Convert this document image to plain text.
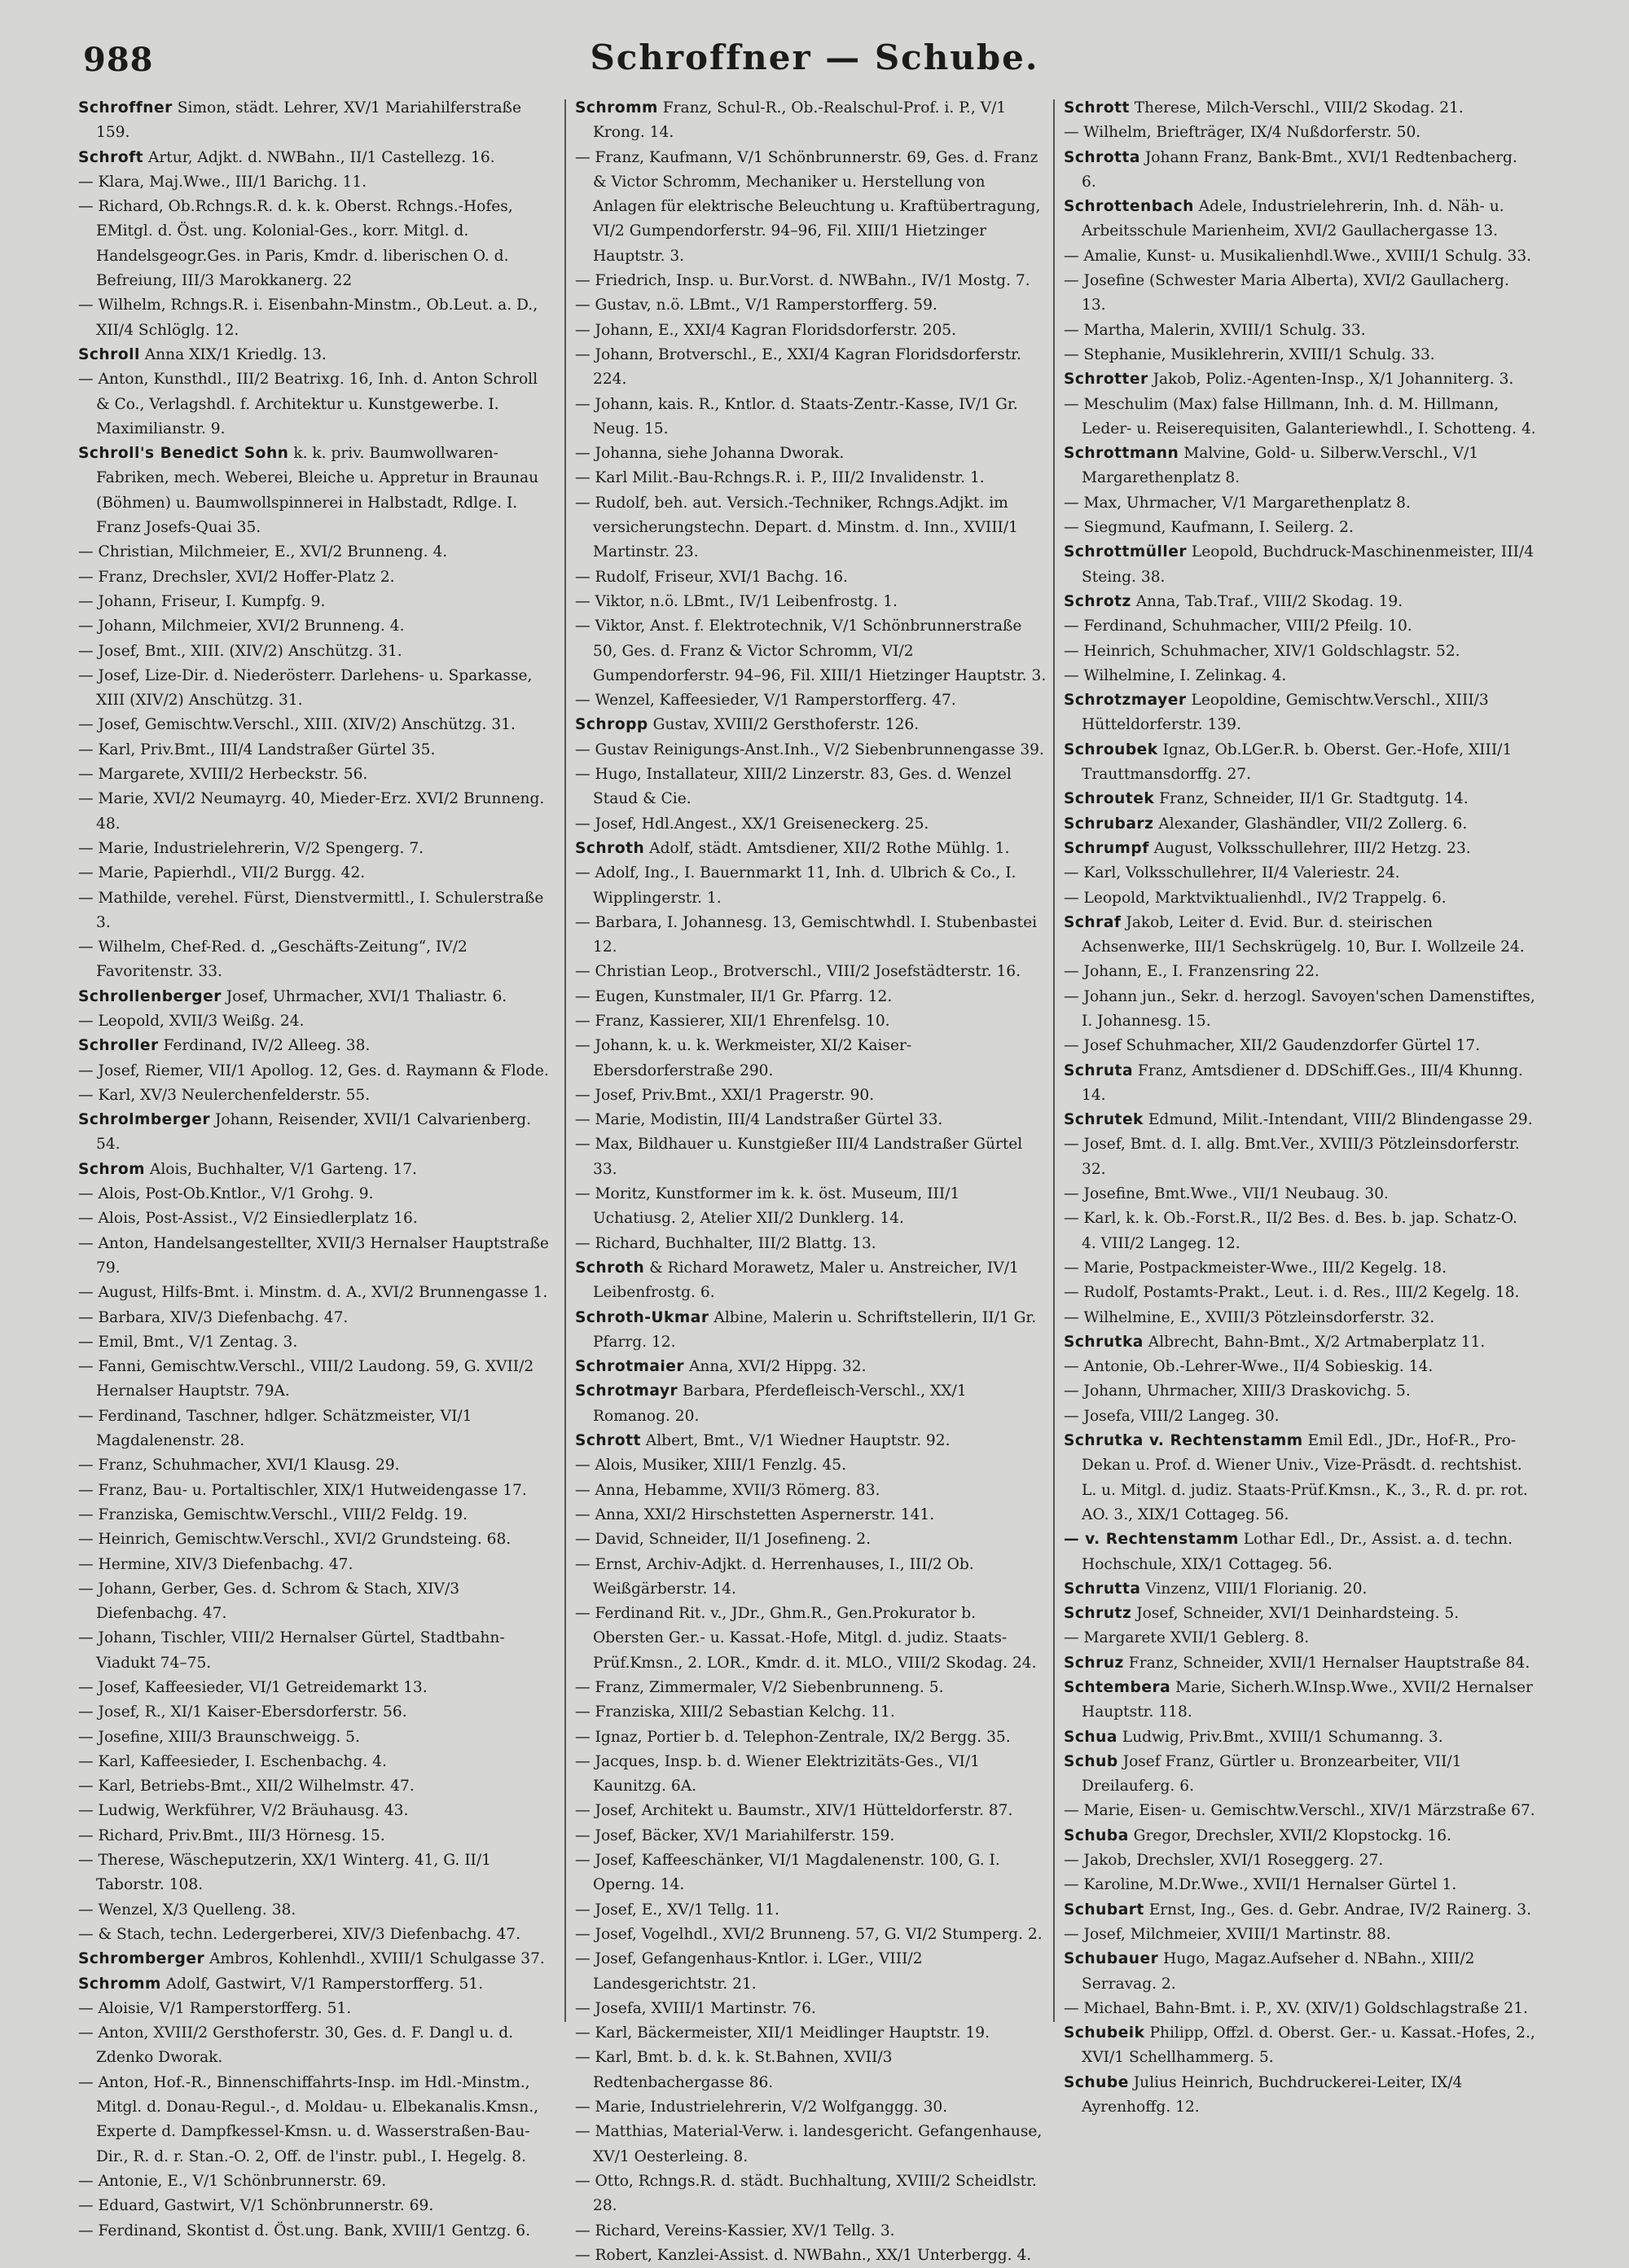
988	Schroffner — Schube.
Schroffner Simon, städt. Lehrer, XV/1 Mariahilferstraße 159.
Schroft Artur, Adjkt. d. NWBahn., II/1 Castellezg. 16.
— Klara, Maj.Wwe., III/1 Barichg. 11.
— Richard, Ob.Rchngs.R. d. k. k. Oberst. Rchngs.-Hofes, EMitgl. d. Öst. ung. Kolonial-Ges., korr. Mitgl. d. Handelsgeogr.Ges. in Paris, Kmdr. d. liberischen O. d. Befreiung, III/3 Marokkanerg. 22
— Wilhelm, Rchngs.R. i. Eisenbahn-Minstm., Ob.Leut. a. D., XII/4 Schlöglg. 12.
Schroll Anna XIX/1 Kriedlg. 13.
— Anton, Kunsthdl., III/2 Beatrixg. 16, Inh. d. Anton Schroll & Co., Verlagshdl. f. Architektur u. Kunstgewerbe. I. Maximilianstr. 9.
Schroll's Benedict Sohn k. k. priv. Baumwollwaren-Fabriken, mech. Weberei, Bleiche u. Appretur in Braunau (Böhmen) u. Baumwollspinnerei in Halbstadt, Rdlge. I. Franz Josefs-Quai 35.
— Christian, Milchmeier, E., XVI/2 Brunneng. 4.
— Franz, Drechsler, XVI/2 Hoffer-Platz 2.
— Johann, Friseur, I. Kumpfg. 9.
— Johann, Milchmeier, XVI/2 Brunneng. 4.
— Josef, Bmt., XIII. (XIV/2) Anschützg. 31.
— Josef, Lize-Dir. d. Niederösterr. Darlehens- u. Sparkasse, XIII (XIV/2) Anschützg. 31.
— Josef, Gemischtw.Verschl., XIII. (XIV/2) Anschützg. 31.
— Karl, Priv.Bmt., III/4 Landstraßer Gürtel 35.
— Margarete, XVIII/2 Herbeckstr. 56.
— Marie, XVI/2 Neumayrg. 40, Mieder-Erz. XVI/2 Brunneng. 48.
— Marie, Industrielehrerin, V/2 Spengerg. 7.
— Marie, Papierhdl., VII/2 Burgg. 42.
— Mathilde, verehel. Fürst, Dienstvermittl., I. Schulerstraße 3.
— Wilhelm, Chef-Red. d. „Geschäfts-Zeitung“, IV/2 Favoritenstr. 33.
Schrollenberger Josef, Uhrmacher, XVI/1 Thaliastr. 6.
— Leopold, XVII/3 Weißg. 24.
Schroller Ferdinand, IV/2 Alleeg. 38.
— Josef, Riemer, VII/1 Apollog. 12, Ges. d. Raymann & Flode.
— Karl, XV/3 Neulerchenfelderstr. 55.
Schrolmberger Johann, Reisender, XVII/1 Calvarienberg. 54.
Schrom Alois, Buchhalter, V/1 Garteng. 17.
— Alois, Post-Ob.Kntlor., V/1 Grohg. 9.
— Alois, Post-Assist., V/2 Einsiedlerplatz 16.
— Anton, Handelsangestellter, XVII/3 Hernalser Hauptstraße 79.
— August, Hilfs-Bmt. i. Minstm. d. A., XVI/2 Brunnengasse 1.
— Barbara, XIV/3 Diefenbachg. 47.
— Emil, Bmt., V/1 Zentag. 3.
— Fanni, Gemischtw.Verschl., VIII/2 Laudong. 59, G. XVII/2 Hernalser Hauptstr. 79A.
— Ferdinand, Taschner, hdlger. Schätzmeister, VI/1 Magdalenenstr. 28.
— Franz, Schuhmacher, XVI/1 Klausg. 29.
— Franz, Bau- u. Portaltischler, XIX/1 Hutweidengasse 17.
— Franziska, Gemischtw.Verschl., VIII/2 Feldg. 19.
— Heinrich, Gemischtw.Verschl., XVI/2 Grundsteing. 68.
— Hermine, XIV/3 Diefenbachg. 47.
— Johann, Gerber, Ges. d. Schrom & Stach, XIV/3 Diefenbachg. 47.
— Johann, Tischler, VIII/2 Hernalser Gürtel, Stadtbahn-Viadukt 74–75.
— Josef, Kaffeesieder, VI/1 Getreidemarkt 13.
— Josef, R., XI/1 Kaiser-Ebersdorferstr. 56.
— Josefine, XIII/3 Braunschweigg. 5.
— Karl, Kaffeesieder, I. Eschenbachg. 4.
— Karl, Betriebs-Bmt., XII/2 Wilhelmstr. 47.
— Ludwig, Werkführer, V/2 Bräuhausg. 43.
— Richard, Priv.Bmt., III/3 Hörnesg. 15.
— Therese, Wäscheputzerin, XX/1 Winterg. 41, G. II/1 Taborstr. 108.
— Wenzel, X/3 Quelleng. 38.
— & Stach, techn. Ledergerberei, XIV/3 Diefenbachg. 47.
Schromberger Ambros, Kohlenhdl., XVIII/1 Schulgasse 37.
Schromm Adolf, Gastwirt, V/1 Ramperstorfferg. 51.
— Aloisie, V/1 Ramperstorfferg. 51.
— Anton, XVIII/2 Gersthoferstr. 30, Ges. d. F. Dangl u. d. Zdenko Dworak.
— Anton, Hof.-R., Binnenschiffahrts-Insp. im Hdl.-Minstm., Mitgl. d. Donau-Regul.-, d. Moldau- u. Elbekanalis.Kmsn., Experte d. Dampfkessel-Kmsn. u. d. Wasserstraßen-Bau-Dir., R. d. r. Stan.-O. 2, Off. de l'instr. publ., I. Hegelg. 8.
— Antonie, E., V/1 Schönbrunnerstr. 69.
— Eduard, Gastwirt, V/1 Schönbrunnerstr. 69.
— Ferdinand, Skontist d. Öst.ung. Bank, XVIII/1 Gentzg. 6.
Schromm Franz, Schul-R., Ob.-Realschul-Prof. i. P., V/1 Krong. 14.
— Franz, Kaufmann, V/1 Schönbrunnerstr. 69, Ges. d. Franz & Victor Schromm, Mechaniker u. Herstellung von Anlagen für elektrische Beleuchtung u. Kraftübertragung, VI/2 Gumpendorferstr. 94–96, Fil. XIII/1 Hietzinger Hauptstr. 3.
— Friedrich, Insp. u. Bur.Vorst. d. NWBahn., IV/1 Mostg. 7.
— Gustav, n.ö. LBmt., V/1 Ramperstorfferg. 59.
— Johann, E., XXI/4 Kagran Floridsdorferstr. 205.
— Johann, Brotverschl., E., XXI/4 Kagran Floridsdorferstr. 224.
— Johann, kais. R., Kntlor. d. Staats-Zentr.-Kasse, IV/1 Gr. Neug. 15.
— Johanna, siehe Johanna Dworak.
— Karl Milit.-Bau-Rchngs.R. i. P., III/2 Invalidenstr. 1.
— Rudolf, beh. aut. Versich.-Techniker, Rchngs.Adjkt. im versicherungstechn. Depart. d. Minstm. d. Inn., XVIII/1 Martinstr. 23.
— Rudolf, Friseur, XVI/1 Bachg. 16.
— Viktor, n.ö. LBmt., IV/1 Leibenfrostg. 1.
— Viktor, Anst. f. Elektrotechnik, V/1 Schönbrunnerstraße 50, Ges. d. Franz & Victor Schromm, VI/2 Gumpendorferstr. 94–96, Fil. XIII/1 Hietzinger Hauptstr. 3.
— Wenzel, Kaffeesieder, V/1 Ramperstorfferg. 47.
Schropp Gustav, XVIII/2 Gersthoferstr. 126.
— Gustav Reinigungs-Anst.Inh., V/2 Siebenbrunnengasse 39.
— Hugo, Installateur, XIII/2 Linzerstr. 83, Ges. d. Wenzel Staud & Cie.
— Josef, Hdl.Angest., XX/1 Greiseneckerg. 25.
Schroth Adolf, städt. Amtsdiener, XII/2 Rothe Mühlg. 1.
— Adolf, Ing., I. Bauernmarkt 11, Inh. d. Ulbrich & Co., I. Wipplingerstr. 1.
— Barbara, I. Johannesg. 13, Gemischtwhdl. I. Stubenbastei 12.
— Christian Leop., Brotverschl., VIII/2 Josefstädterstr. 16.
— Eugen, Kunstmaler, II/1 Gr. Pfarrg. 12.
— Franz, Kassierer, XII/1 Ehrenfelsg. 10.
— Johann, k. u. k. Werkmeister, XI/2 Kaiser-Ebersdorferstraße 290.
— Josef, Priv.Bmt., XXI/1 Pragerstr. 90.
— Marie, Modistin, III/4 Landstraßer Gürtel 33.
— Max, Bildhauer u. Kunstgießer III/4 Landstraßer Gürtel 33.
— Moritz, Kunstformer im k. k. öst. Museum, III/1 Uchatiusg. 2, Atelier XII/2 Dunklerg. 14.
— Richard, Buchhalter, III/2 Blattg. 13.
Schroth & Richard Morawetz, Maler u. Anstreicher, IV/1 Leibenfrostg. 6.
Schroth-Ukmar Albine, Malerin u. Schriftstellerin, II/1 Gr. Pfarrg. 12.
Schrotmaier Anna, XVI/2 Hippg. 32.
Schrotmayr Barbara, Pferdefleisch-Verschl., XX/1 Romanog. 20.
Schrott Albert, Bmt., V/1 Wiedner Hauptstr. 92.
— Alois, Musiker, XIII/1 Fenzlg. 45.
— Anna, Hebamme, XVII/3 Römerg. 83.
— Anna, XXI/2 Hirschstetten Aspernerstr. 141.
— David, Schneider, II/1 Josefineng. 2.
— Ernst, Archiv-Adjkt. d. Herrenhauses, I., III/2 Ob. Weißgärberstr. 14.
— Ferdinand Rit. v., JDr., Ghm.R., Gen.Prokurator b. Obersten Ger.- u. Kassat.-Hofe, Mitgl. d. judiz. Staats-Prüf.Kmsn., 2. LOR., Kmdr. d. it. MLO., VIII/2 Skodag. 24.
— Franz, Zimmermaler, V/2 Siebenbrunneng. 5.
— Franziska, XIII/2 Sebastian Kelchg. 11.
— Ignaz, Portier b. d. Telephon-Zentrale, IX/2 Bergg. 35.
— Jacques, Insp. b. d. Wiener Elektrizitäts-Ges., VI/1 Kaunitzg. 6A.
— Josef, Architekt u. Baumstr., XIV/1 Hütteldorferstr. 87.
— Josef, Bäcker, XV/1 Mariahilferstr. 159.
— Josef, Kaffeeschänker, VI/1 Magdalenenstr. 100, G. I. Operng. 14.
— Josef, E., XV/1 Tellg. 11.
— Josef, Vogelhdl., XVI/2 Brunneng. 57, G. VI/2 Stumperg. 2.
— Josef, Gefangenhaus-Kntlor. i. LGer., VIII/2 Landesgerichtstr. 21.
— Josefa, XVIII/1 Martinstr. 76.
— Karl, Bäckermeister, XII/1 Meidlinger Hauptstr. 19.
— Karl, Bmt. b. d. k. k. St.Bahnen, XVII/3 Redtenbachergasse 86.
— Marie, Industrielehrerin, V/2 Wolfganggg. 30.
— Matthias, Material-Verw. i. landesgericht. Gefangenhause, XV/1 Oesterleing. 8.
— Otto, Rchngs.R. d. städt. Buchhaltung, XVIII/2 Scheidlstr. 28.
— Richard, Vereins-Kassier, XV/1 Tellg. 3.
— Robert, Kanzlei-Assist. d. NWBahn., XX/1 Unterbergg. 4.
Schrott Therese, Milch-Verschl., VIII/2 Skodag. 21.
— Wilhelm, Briefträger, IX/4 Nußdorferstr. 50.
Schrotta Johann Franz, Bank-Bmt., XVI/1 Redtenbacherg. 6.
Schrottenbach Adele, Industrielehrerin, Inh. d. Näh- u. Arbeitsschule Marienheim, XVI/2 Gaullachergasse 13.
— Amalie, Kunst- u. Musikalienhdl.Wwe., XVIII/1 Schulg. 33.
— Josefine (Schwester Maria Alberta), XVI/2 Gaullacherg. 13.
— Martha, Malerin, XVIII/1 Schulg. 33.
— Stephanie, Musiklehrerin, XVIII/1 Schulg. 33.
Schrotter Jakob, Poliz.-Agenten-Insp., X/1 Johanniterg. 3.
— Meschulim (Max) false Hillmann, Inh. d. M. Hillmann, Leder- u. Reiserequisiten, Galanteriewhdl., I. Schotteng. 4.
Schrottmann Malvine, Gold- u. Silberw.Verschl., V/1 Margarethenplatz 8.
— Max, Uhrmacher, V/1 Margarethenplatz 8.
— Siegmund, Kaufmann, I. Seilerg. 2.
Schrottmüller Leopold, Buchdruck-Maschinenmeister, III/4 Steing. 38.
Schrotz Anna, Tab.Traf., VIII/2 Skodag. 19.
— Ferdinand, Schuhmacher, VIII/2 Pfeilg. 10.
— Heinrich, Schuhmacher, XIV/1 Goldschlagstr. 52.
— Wilhelmine, I. Zelinkag. 4.
Schrotzmayer Leopoldine, Gemischtw.Verschl., XIII/3 Hütteldorferstr. 139.
Schroubek Ignaz, Ob.LGer.R. b. Oberst. Ger.-Hofe, XIII/1 Trauttmansdorffg. 27.
Schroutek Franz, Schneider, II/1 Gr. Stadtgutg. 14.
Schrubarz Alexander, Glashändler, VII/2 Zollerg. 6.
Schrumpf August, Volksschullehrer, III/2 Hetzg. 23.
— Karl, Volksschullehrer, II/4 Valeriestr. 24.
— Leopold, Marktviktualienhdl., IV/2 Trappelg. 6.
Schraf Jakob, Leiter d. Evid. Bur. d. steirischen Achsenwerke, III/1 Sechskrügelg. 10, Bur. I. Wollzeile 24.
— Johann, E., I. Franzensring 22.
— Johann jun., Sekr. d. herzogl. Savoyen'schen Damenstiftes, I. Johannesg. 15.
— Josef Schuhmacher, XII/2 Gaudenzdorfer Gürtel 17.
Schruta Franz, Amtsdiener d. DDSchiff.Ges., III/4 Khunng. 14.
Schrutek Edmund, Milit.-Intendant, VIII/2 Blindengasse 29.
— Josef, Bmt. d. I. allg. Bmt.Ver., XVIII/3 Pötzleinsdorferstr. 32.
— Josefine, Bmt.Wwe., VII/1 Neubaug. 30.
— Karl, k. k. Ob.-Forst.R., II/2 Bes. d. Bes. b. jap. Schatz-O. 4. VIII/2 Langeg. 12.
— Marie, Postpackmeister-Wwe., III/2 Kegelg. 18.
— Rudolf, Postamts-Prakt., Leut. i. d. Res., III/2 Kegelg. 18.
— Wilhelmine, E., XVIII/3 Pötzleinsdorferstr. 32.
Schrutka Albrecht, Bahn-Bmt., X/2 Artmaberplatz 11.
— Antonie, Ob.-Lehrer-Wwe., II/4 Sobieskig. 14.
— Johann, Uhrmacher, XIII/3 Draskovichg. 5.
— Josefa, VIII/2 Langeg. 30.
Schrutka v. Rechtenstamm Emil Edl., JDr., Hof-R., Pro-Dekan u. Prof. d. Wiener Univ., Vize-Präsdt. d. rechtshist. L. u. Mitgl. d. judiz. Staats-Prüf.Kmsn., K., 3., R. d. pr. rot. AO. 3., XIX/1 Cottageg. 56.
— v. Rechtenstamm Lothar Edl., Dr., Assist. a. d. techn. Hochschule, XIX/1 Cottageg. 56.
Schrutta Vinzenz, VIII/1 Florianig. 20.
Schrutz Josef, Schneider, XVI/1 Deinhardsteing. 5.
— Margarete XVII/1 Geblerg. 8.
Schruz Franz, Schneider, XVII/1 Hernalser Hauptstraße 84.
Schtembera Marie, Sicherh.W.Insp.Wwe., XVII/2 Hernalser Hauptstr. 118.
Schua Ludwig, Priv.Bmt., XVIII/1 Schumanng. 3.
Schub Josef Franz, Gürtler u. Bronzearbeiter, VII/1 Dreilauferg. 6.
— Marie, Eisen- u. Gemischtw.Verschl., XIV/1 Märzstraße 67.
Schuba Gregor, Drechsler, XVII/2 Klopstockg. 16.
— Jakob, Drechsler, XVI/1 Roseggerg. 27.
— Karoline, M.Dr.Wwe., XVII/1 Hernalser Gürtel 1.
Schubart Ernst, Ing., Ges. d. Gebr. Andrae, IV/2 Rainerg. 3.
— Josef, Milchmeier, XVIII/1 Martinstr. 88.
Schubauer Hugo, Magaz.Aufseher d. NBahn., XIII/2 Serravag. 2.
— Michael, Bahn-Bmt. i. P., XV. (XIV/1) Goldschlagstraße 21.
Schubeik Philipp, Offzl. d. Oberst. Ger.- u. Kassat.-Hofes, 2., XVI/1 Schellhammerg. 5.
Schube Julius Heinrich, Buchdruckerei-Leiter, IX/4 Ayrenhoffg. 12.
